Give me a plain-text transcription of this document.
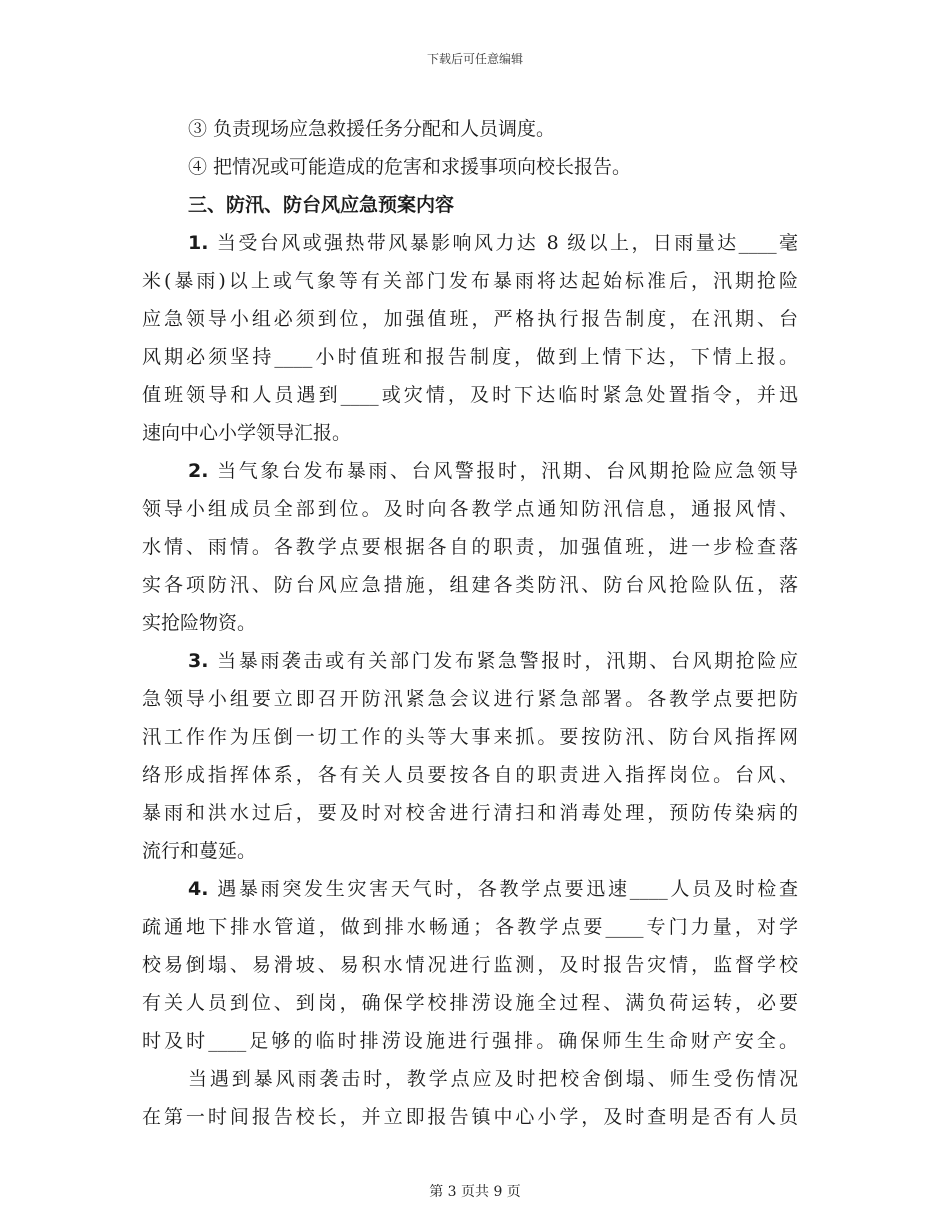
下载后可任意编辑
③ 负责现场应急救援任务分配和人员调度。
④ 把情况或可能造成的危害和求援事项向校长报告。
三、防汛、防台风应急预案内容
1. 当受台风或强热带风暴影响风力达 8 级以上，日雨量达____毫
米(暴雨)以上或气象等有关部门发布暴雨将达起始标准后，汛期抢险
应急领导小组必须到位，加强值班，严格执行报告制度，在汛期、台
风期必须坚持____小时值班和报告制度，做到上情下达，下情上报。
值班领导和人员遇到____或灾情，及时下达临时紧急处置指令，并迅
速向中心小学领导汇报。
2. 当气象台发布暴雨、台风警报时，汛期、台风期抢险应急领导
领导小组成员全部到位。及时向各教学点通知防汛信息，通报风情、
水情、雨情。各教学点要根据各自的职责，加强值班，进一步检查落
实各项防汛、防台风应急措施，组建各类防汛、防台风抢险队伍，落
实抢险物资。
3. 当暴雨袭击或有关部门发布紧急警报时，汛期、台风期抢险应
急领导小组要立即召开防汛紧急会议进行紧急部署。各教学点要把防
汛工作作为压倒一切工作的头等大事来抓。要按防汛、防台风指挥网
络形成指挥体系，各有关人员要按各自的职责进入指挥岗位。台风、
暴雨和洪水过后，要及时对校舍进行清扫和消毒处理，预防传染病的
流行和蔓延。
4. 遇暴雨突发生灾害天气时，各教学点要迅速____人员及时检查
疏通地下排水管道，做到排水畅通；各教学点要____专门力量，对学
校易倒塌、易滑坡、易积水情况进行监测，及时报告灾情，监督学校
有关人员到位、到岗，确保学校排涝设施全过程、满负荷运转，必要
时及时____足够的临时排涝设施进行强排。确保师生生命财产安全。
当遇到暴风雨袭击时，教学点应及时把校舍倒塌、师生受伤情况
在第一时间报告校长，并立即报告镇中心小学，及时查明是否有人员
第 3 页共 9 页
